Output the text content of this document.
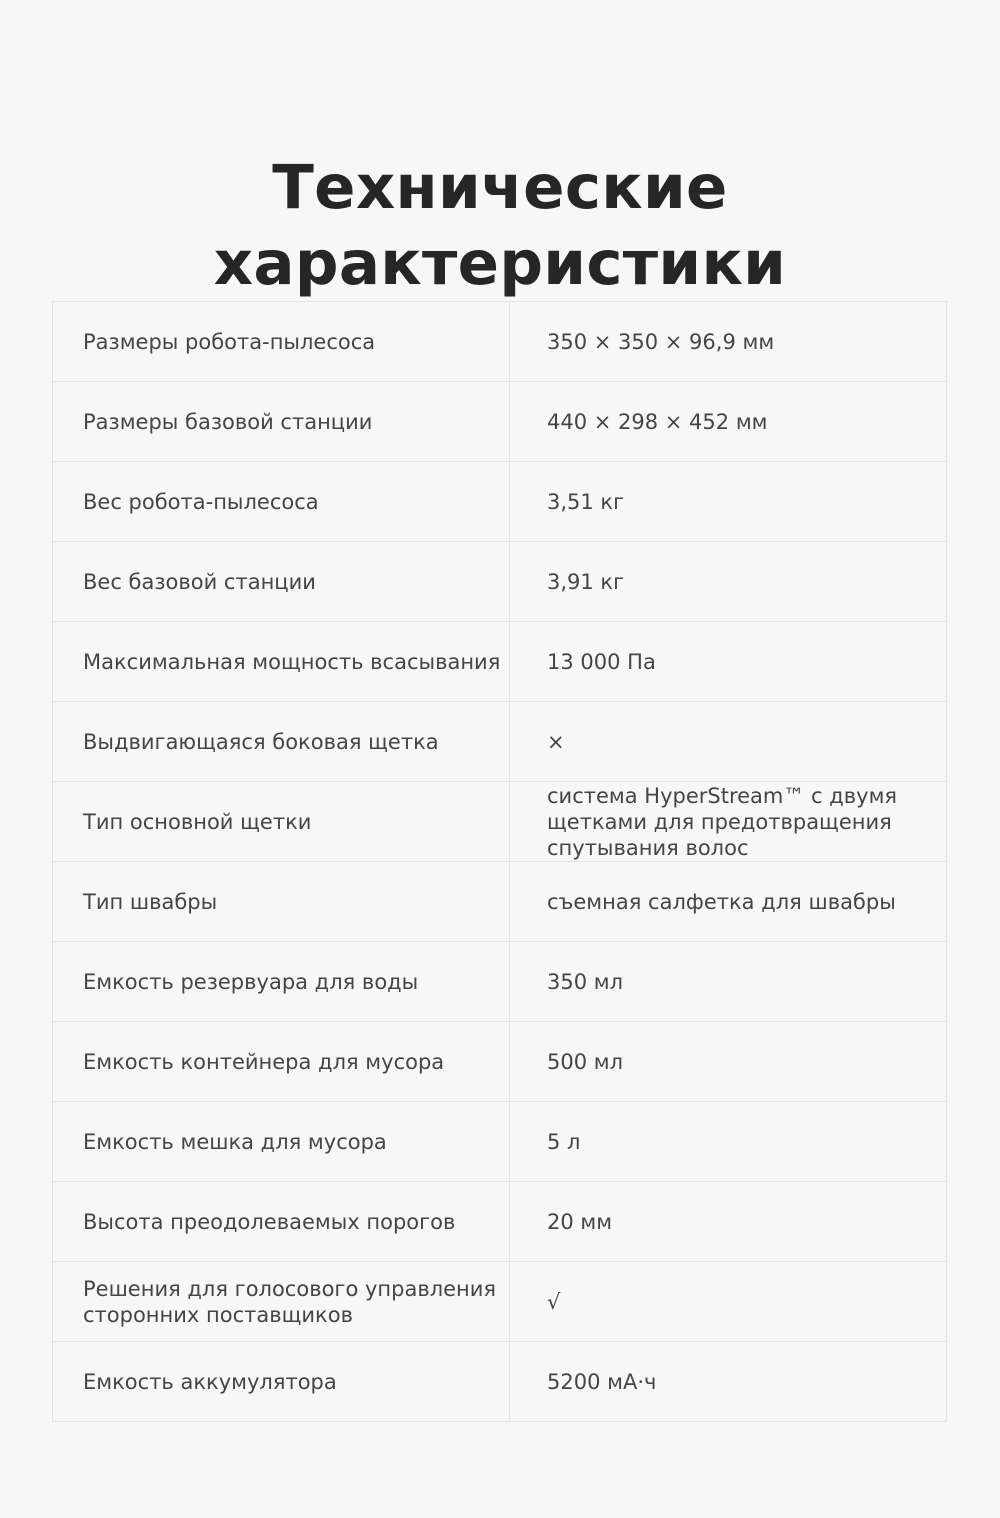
Технические характеристики
Размеры робота-пылесоса	350 × 350 × 96,9 мм
Размеры базовой станции	440 × 298 × 452 мм
Вес робота-пылесоса	3,51 кг
Вес базовой станции	3,91 кг
Максимальная мощность всасывания	13 000 Па
Выдвигающаяся боковая щетка	×
Тип основной щетки	система HyperStream™ с двумя щетками для предотвращения спутывания волос
Тип швабры	съемная салфетка для швабры
Емкость резервуара для воды	350 мл
Емкость контейнера для мусора	500 мл
Емкость мешка для мусора	5 л
Высота преодолеваемых порогов	20 мм
Решения для голосового управления сторонних поставщиков	√
Емкость аккумулятора	5200 мА·ч
